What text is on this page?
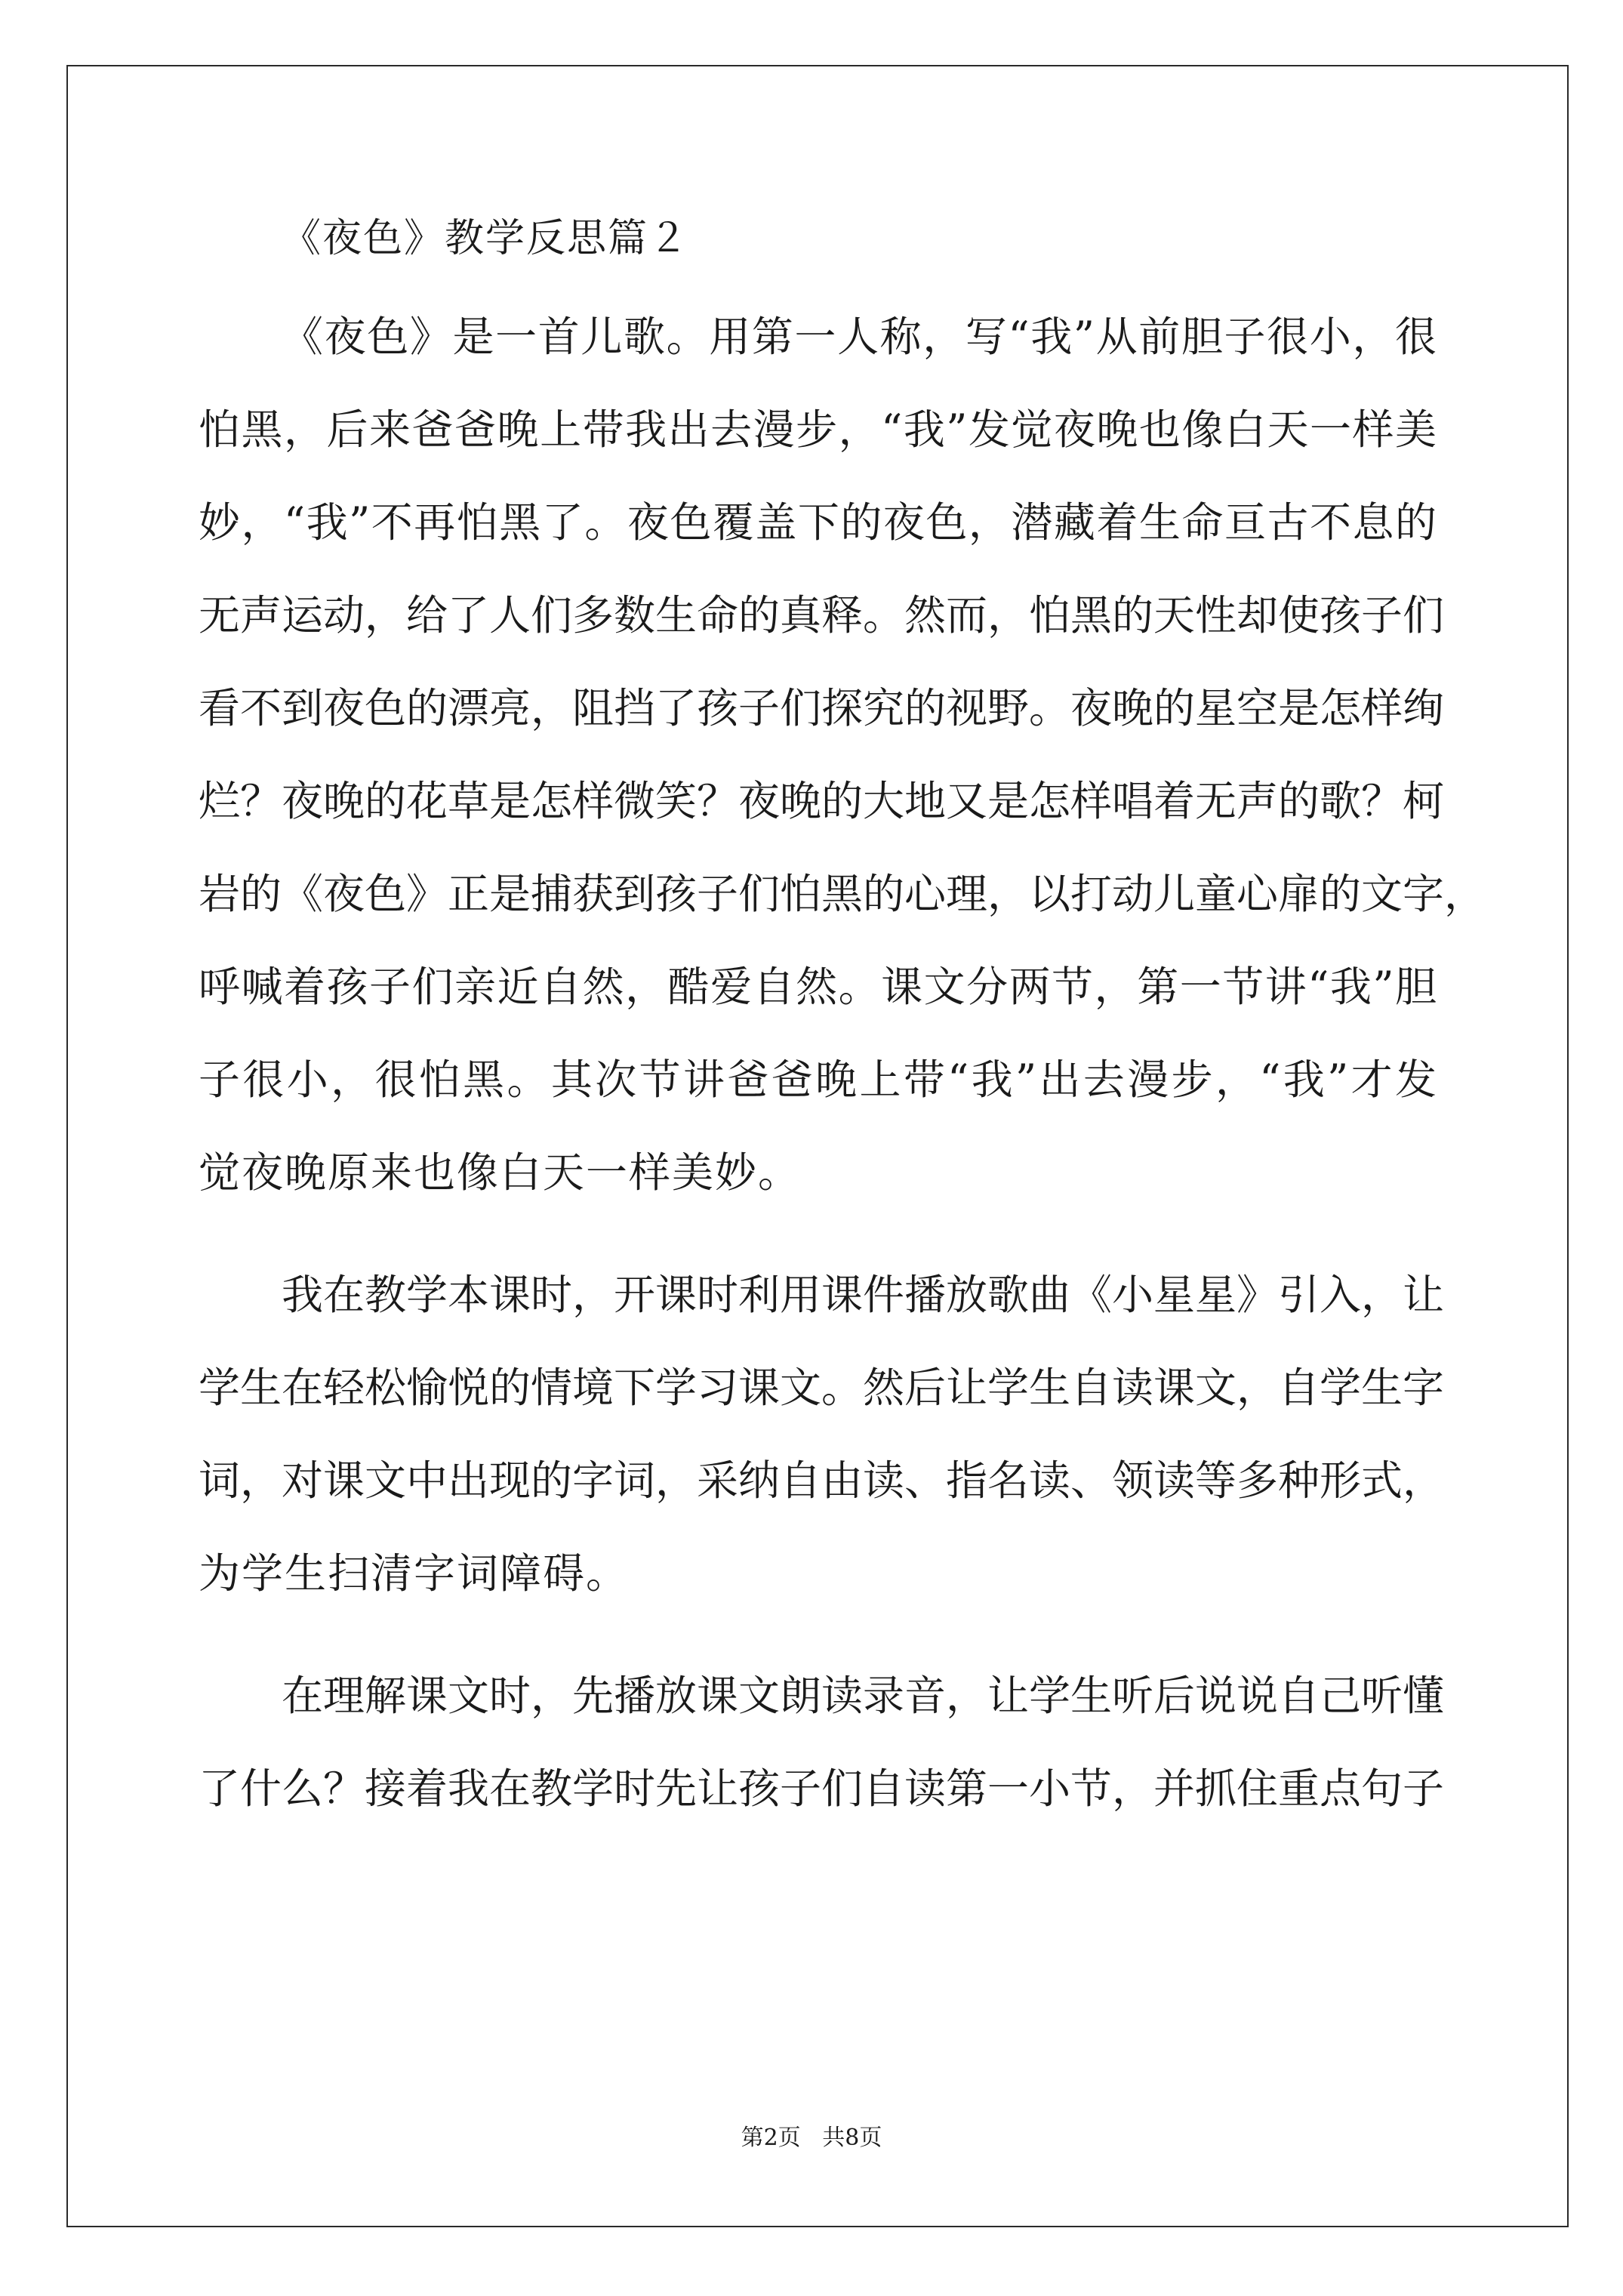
《夜色》教学反思篇２
《夜色》是一首儿歌。用第一人称，写“我”从前胆子很小，很
怕黑，后来爸爸晚上带我出去漫步，“我”发觉夜晚也像白天一样美
妙，“我”不再怕黑了。夜色覆盖下的夜色，潜藏着生命亘古不息的
无声运动，给了人们多数生命的真释。然而，怕黑的天性却使孩子们
看不到夜色的漂亮，阻挡了孩子们探究的视野。夜晚的星空是怎样绚
烂？夜晚的花草是怎样微笑？夜晚的大地又是怎样唱着无声的歌？柯
岩的《夜色》正是捕获到孩子们怕黑的心理，以打动儿童心扉的文字，
呼喊着孩子们亲近自然，酷爱自然。课文分两节，第一节讲“我”胆
子很小，很怕黑。其次节讲爸爸晚上带“我”出去漫步，“我”才发
觉夜晚原来也像白天一样美妙。
我在教学本课时，开课时利用课件播放歌曲《小星星》引入，让
学生在轻松愉悦的情境下学习课文。然后让学生自读课文，自学生字
词，对课文中出现的字词，采纳自由读、指名读、领读等多种形式，
为学生扫清字词障碍。
在理解课文时，先播放课文朗读录音，让学生听后说说自己听懂
了什么？接着我在教学时先让孩子们自读第一小节，并抓住重点句子
第2页   共8页
